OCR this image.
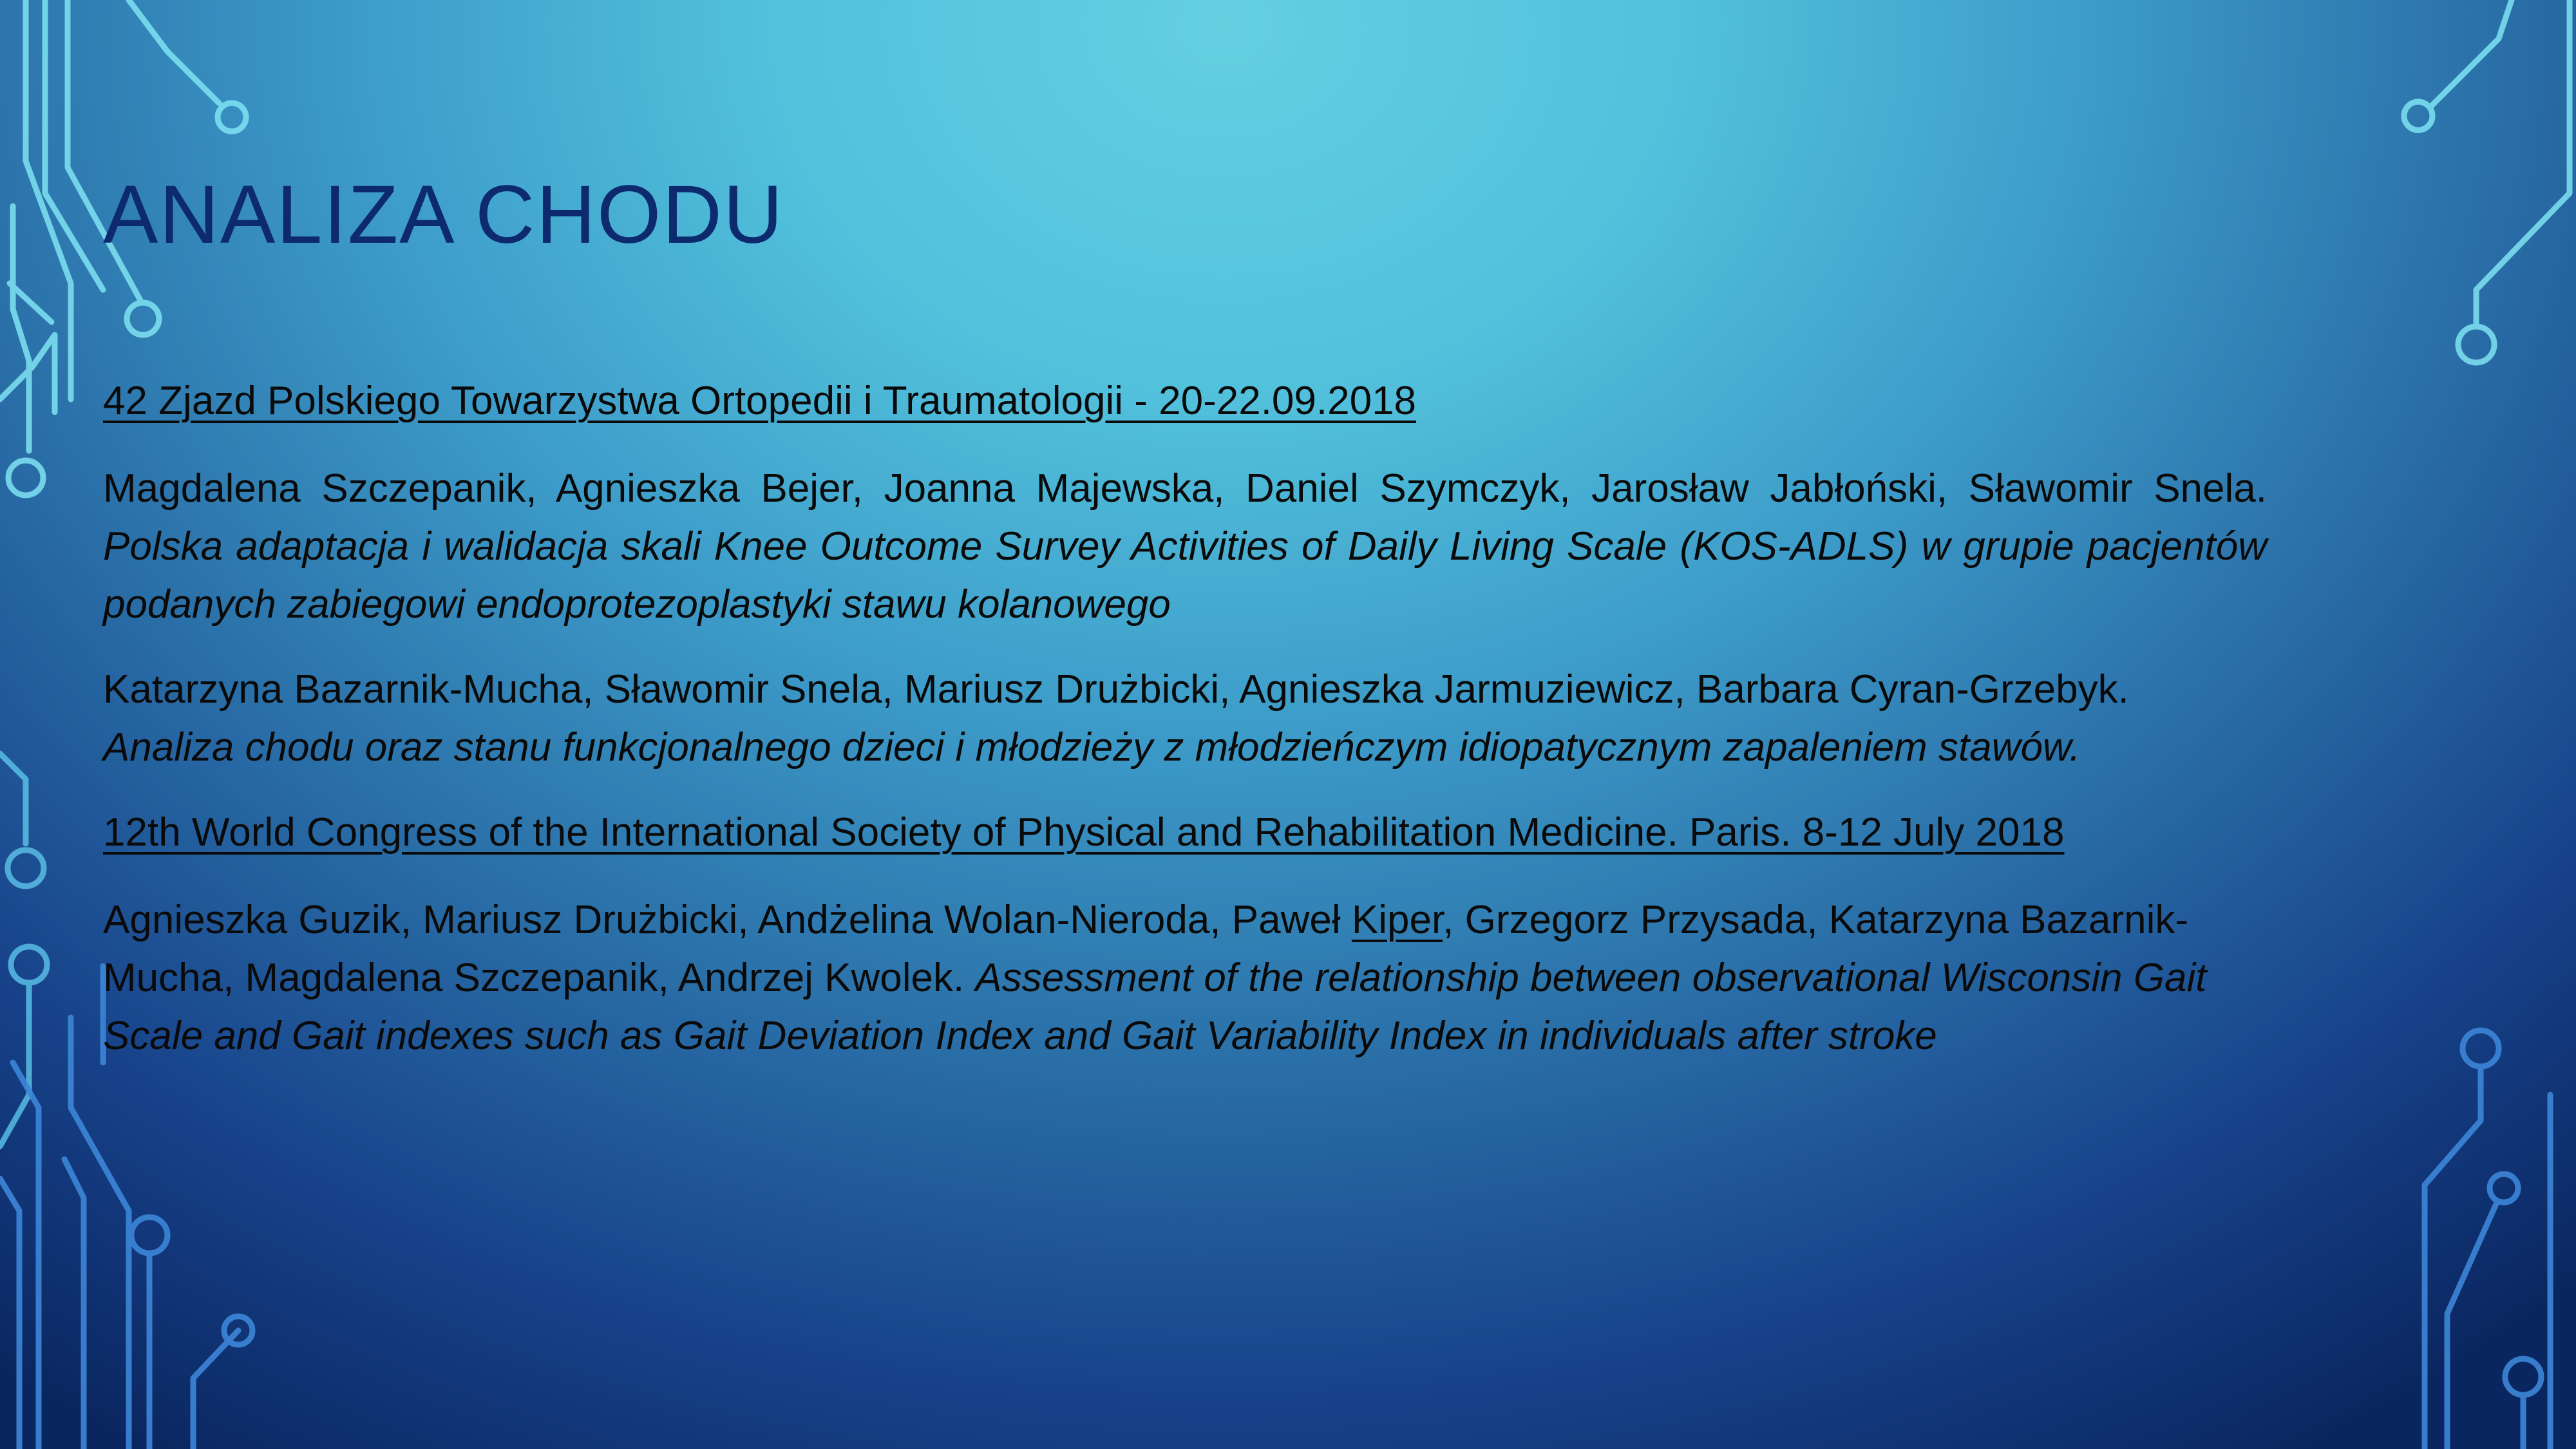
ANALIZA CHODU

42 Zjazd Polskiego Towarzystwa Ortopedii i Traumatologii - 20-22.09.2018

Magdalena Szczepanik, Agnieszka Bejer, Joanna Majewska, Daniel Szymczyk, Jarosław Jabłoński, Sławomir Snela. Polska adaptacja i walidacja skali Knee Outcome Survey Activities of Daily Living Scale (KOS-ADLS) w grupie pacjentów podanych zabiegowi endoprotezoplastyki stawu kolanowego

Katarzyna Bazarnik-Mucha, Sławomir Snela, Mariusz Drużbicki, Agnieszka Jarmuziewicz, Barbara Cyran-Grzebyk. Analiza chodu oraz stanu funkcjonalnego dzieci i młodzieży z młodzieńczym idiopatycznym zapaleniem stawów.

12th World Congress of the International Society of Physical and Rehabilitation Medicine. Paris. 8-12 July 2018

Agnieszka Guzik, Mariusz Drużbicki, Andżelina Wolan-Nieroda, Paweł Kiper, Grzegorz Przysada, Katarzyna Bazarnik-Mucha, Magdalena Szczepanik, Andrzej Kwolek. Assessment of the relationship between observational Wisconsin Gait Scale and Gait indexes such as Gait Deviation Index and Gait Variability Index in individuals after stroke
